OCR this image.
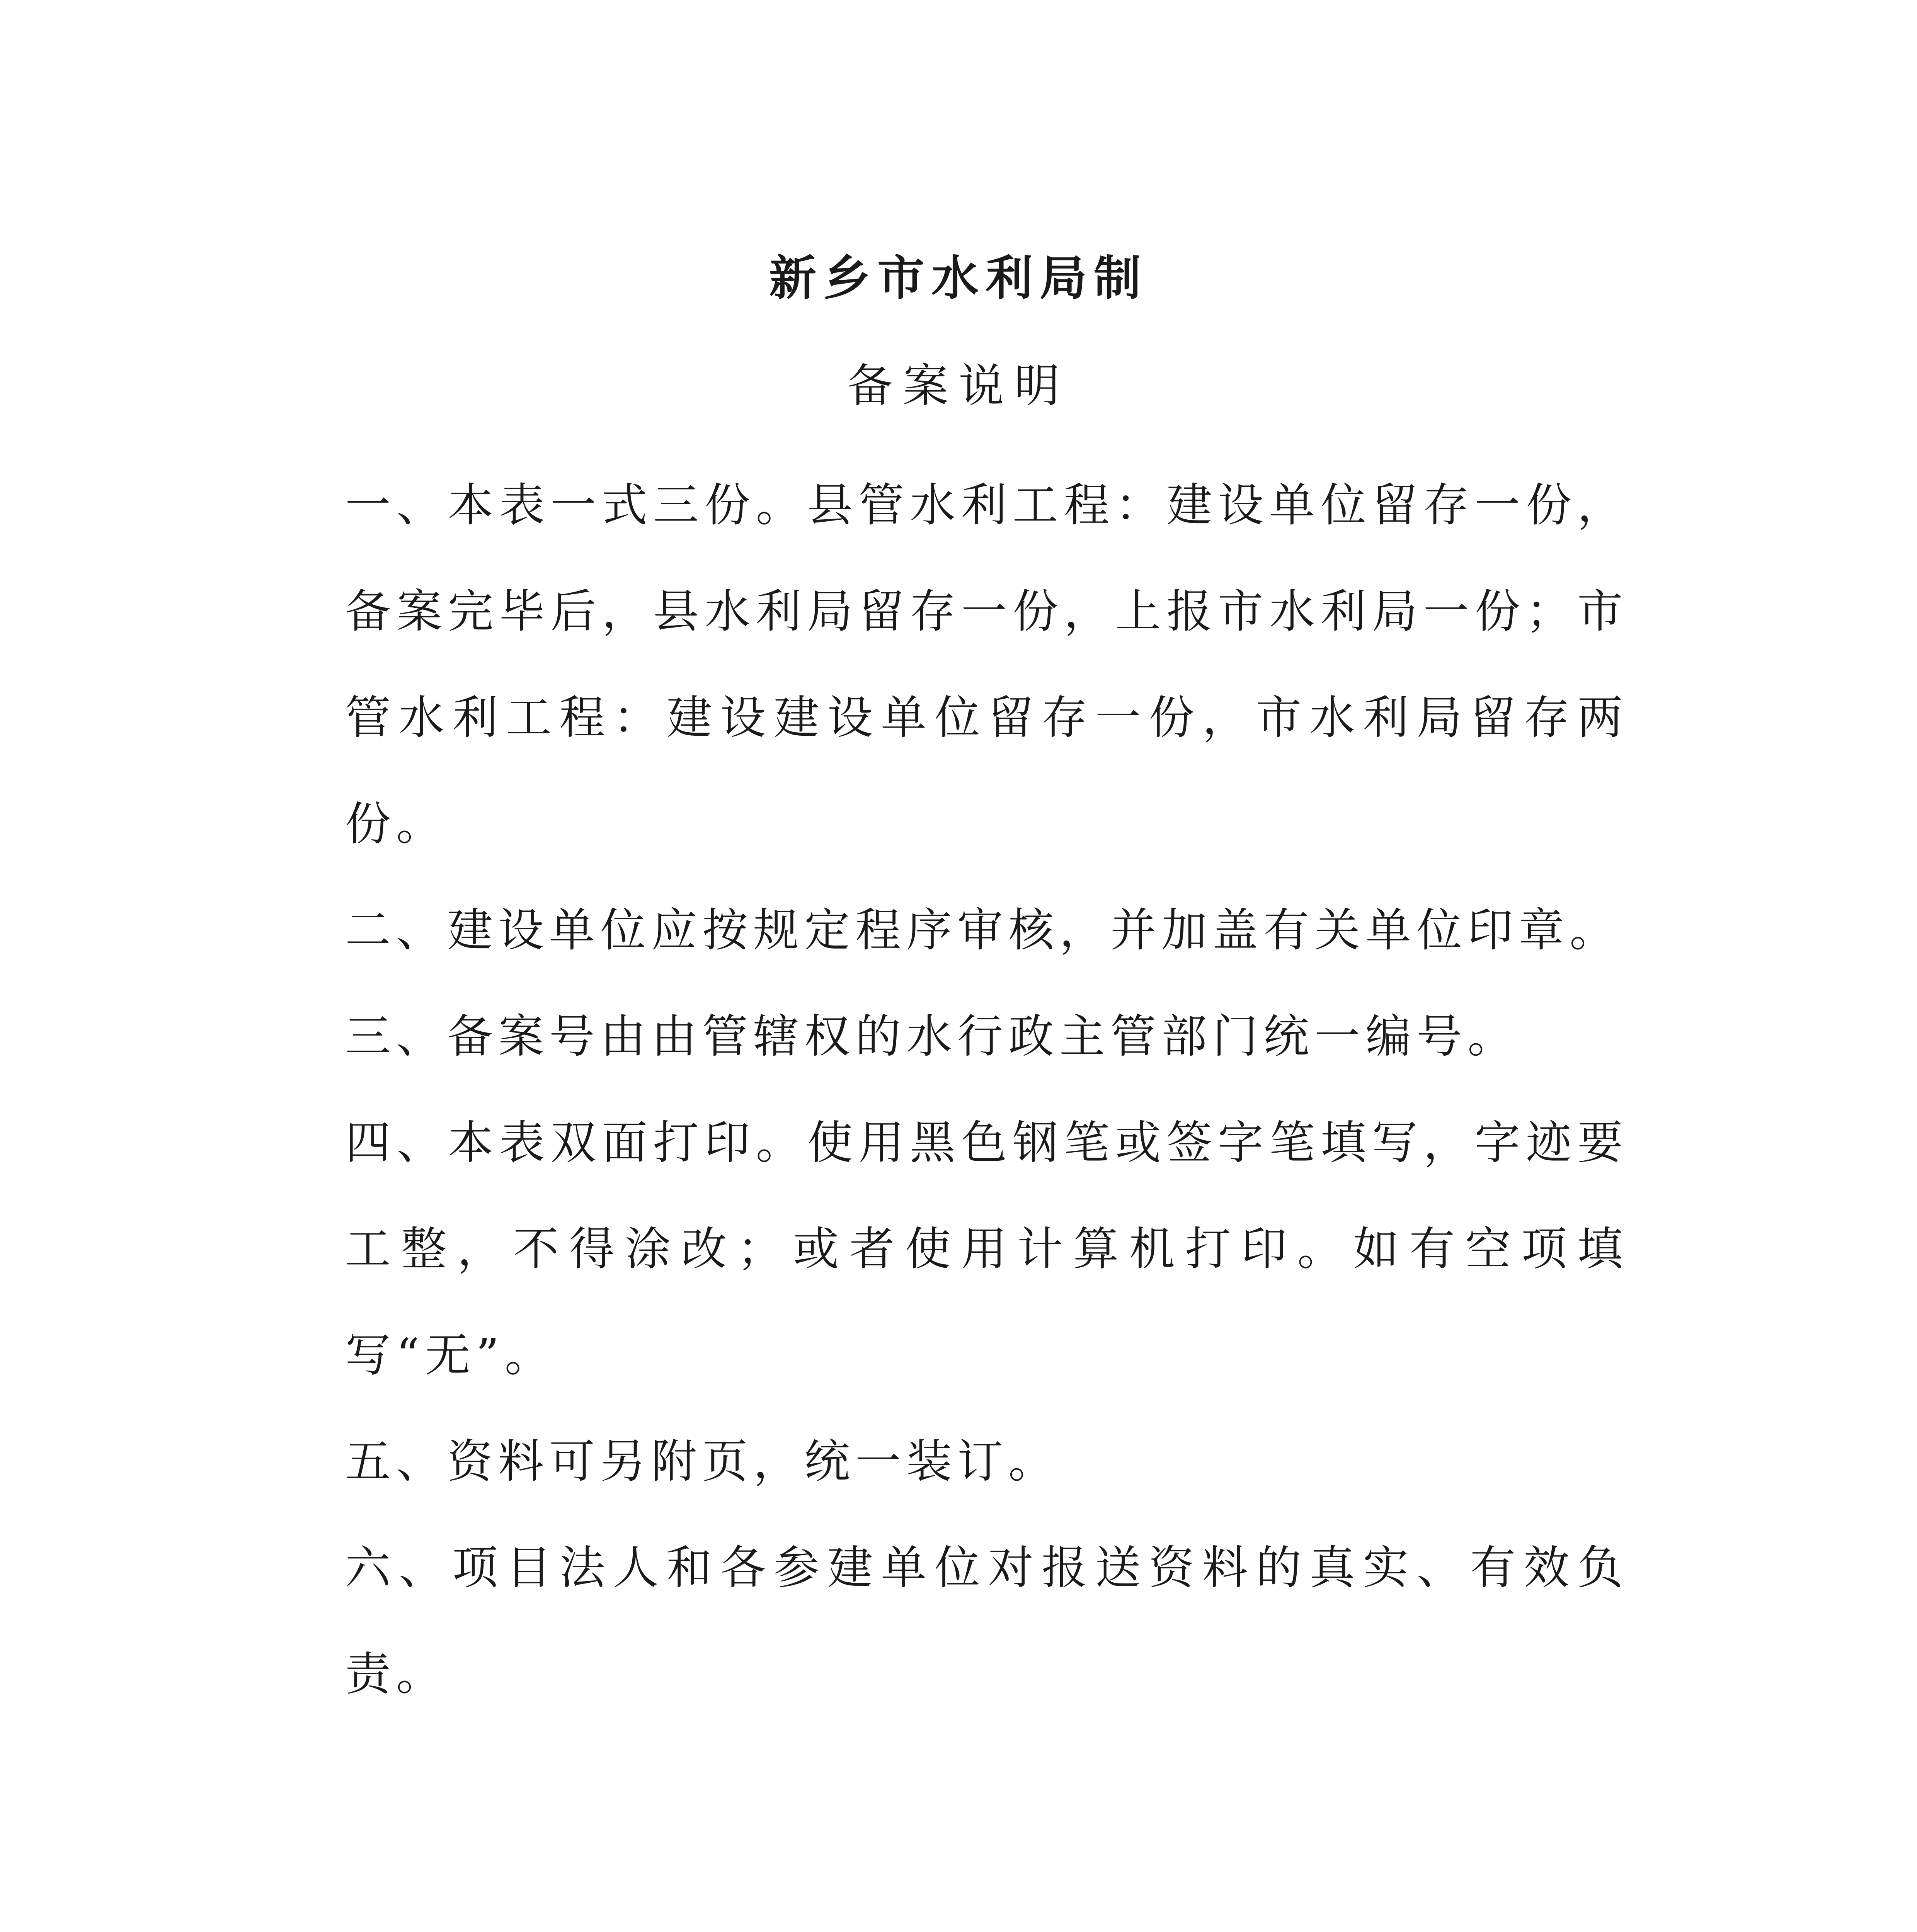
新乡市水利局制
备案说明
一、本表一式三份。县管水利工程：建设单位留存一份，备案完毕后，县水利局留存一份，上报市水利局一份；市管水利工程：建设建设单位留存一份，市水利局留存两份。
二、建设单位应按规定程序审核，并加盖有关单位印章。
三、备案号由由管辖权的水行政主管部门统一编号。
四、本表双面打印。使用黑色钢笔或签字笔填写，字迹要工整，不得涂改；或者使用计算机打印。如有空项填写“无”。
五、资料可另附页，统一装订。
六、项目法人和各参建单位对报送资料的真实、有效负责。
